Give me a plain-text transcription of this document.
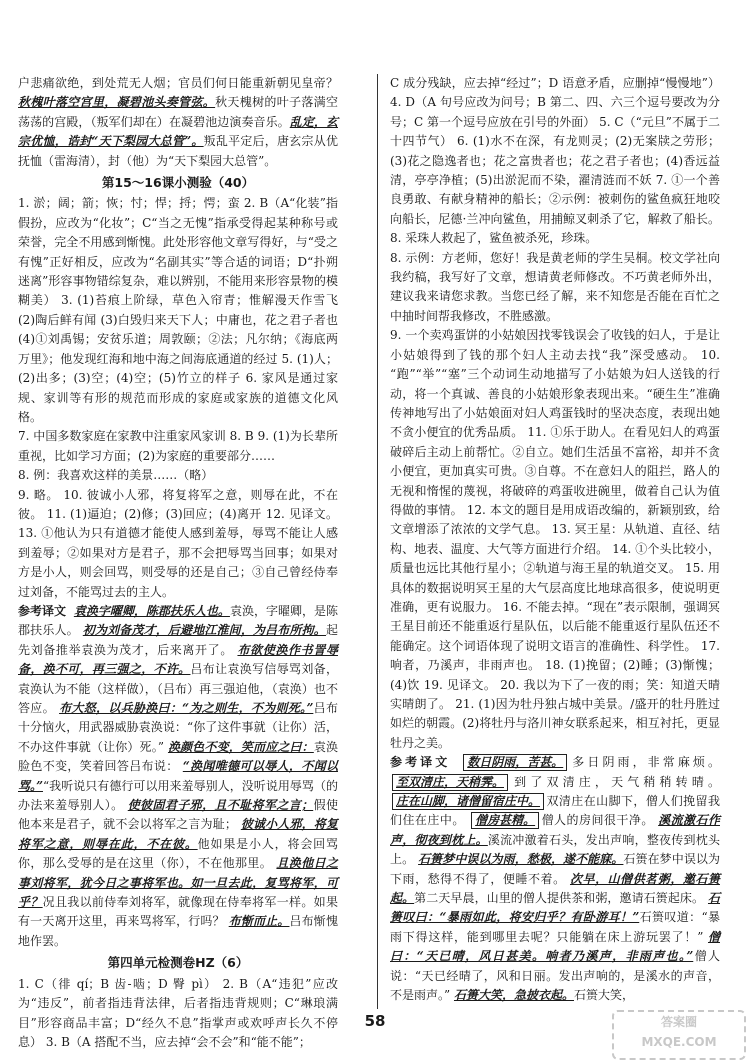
户悲痛欲绝，到处荒无人烟；官员们何日能重新朝见皇帝？秋槐叶落空宫里，凝碧池头奏管弦。秋天槐树的叶子落满空荡荡的宫殿，（叛军们却在）在凝碧池边演奏音乐。乱定，玄宗优恤，诰封“天下梨园大总管”。叛乱平定后，唐玄宗从优抚恤（雷海清），封（他）为“天下梨园大总管”。

第15～16课小测验（40）

1. 淤；阔；箭；恢；忖；悍；捋；愕；蛮 2. B（A“化装”指假扮，应改为“化妆”；C“当之无愧”指承受得起某种称号或荣誉，完全不用感到惭愧。此处形容他文章写得好，与“受之有愧”正好相反，应改为“名副其实”等合适的词语；D“扑朔迷离”形容事物错综复杂，难以辨别，不能用来形容景物的模糊美） 3. (1)苔痕上阶绿，草色入帘青；惟解漫天作雪飞 (2)陶后鲜有闻 (3)白毁归来天下人；中庸也，花之君子者也 (4)①刘禹锡；安贫乐道；周敦颐；②法；凡尔纳；《海底两万里》；他发现红海和地中海之间海底通道的经过 5. (1)人；(2)出多；(3)空；(4)空；(5)竹立的样子 6. 家风是通过家规、家训等有形的规范而形成的家庭或家族的道德文化风格。

7. 中国多数家庭在家教中注重家风家训 8. B 9. (1)为长辈所重视，比如学习方面；(2)为家庭的重要部分……

8. 例：我喜欢这样的美景……（略）

9. 略。 10. 彼诚小人邪，将复将军之意，则辱在此，不在彼。 11. (1)逼迫；(2)修；(3)回应；(4)离开 12. 见译文。 13. ①他认为只有道德才能使人感到羞辱，辱骂不能让人感到羞辱；②如果对方是君子，那不会把辱骂当回事；如果对方是小人，则会回骂，则受辱的还是自己；③自己曾经侍奉过刘备，不能骂过去的主人。

参考译文 袁涣字曜卿，陈郡扶乐人也。袁涣，字曜卿，是陈郡扶乐人。 初为刘备茂才，后避地江淮间，为吕布所拘。起先刘备推举袁涣为茂才，后来离开了。 布欲使涣作书詈辱备，涣不可，再三强之，不许。吕布让袁涣写信辱骂刘备，袁涣认为不能（这样做），（吕布）再三强迫他，（袁涣）也不答应。 布大怒，以兵胁涣曰：“为之则生，不为则死。”吕布十分恼火，用武器威胁袁涣说：“你了这件事就（让你）活，不办这件事就（让你）死。” 涣颜色不变，笑而应之曰：袁涣脸色不变，笑着回答吕布说： “涣闻唯德可以辱人，不闻以骂。”“我听说只有德行可以用来羞辱别人，没听说用辱骂（的办法来羞辱别人）。 使彼固君子邪，且不耻将军之言；假使他本来是君子，就不会以将军之言为耻； 彼诚小人邪，将复将军之意，则辱在此，不在彼。他如果是小人，将会回骂你，那么受辱的是在这里（你），不在他那里。 且涣他日之事刘将军，犹今日之事将军也。如一旦去此，复骂将军，可乎？况且我以前侍奉刘将军，就像现在侍奉将军一样。如果有一天离开这里，再来骂将军，行吗？ 布惭而止。吕布惭愧地作罢。

第四单元检测卷HZ（6）

1. C（徘 qí；B 齿-啮；D 臀 pì） 2. B（A“违犯”应改为“违反”，前者指违背法律，后者指违背规则；C“琳琅满目”形容商品丰富；D“经久不息”指掌声或欢呼声长久不停息） 3. B（A 搭配不当，应去掉“会不会”和“能不能”；

C 成分残缺，应去掉“经过”；D 语意矛盾，应删掉“慢慢地”） 4. D（A 句号应改为问号；B 第二、四、六三个逗号要改为分号；C 第一个逗号应放在引号的外面） 5. C（“元旦”不属于二十四节气） 6. (1)水不在深，有龙则灵；(2)无案牍之劳形；(3)花之隐逸者也；花之富贵者也；花之君子者也；(4)香远益清，亭亭净植；(5)出淤泥而不染，濯清涟而不妖 7. ①一个善良勇敢、有献身精神的船长；②示例：被刺伤的鲨鱼疯狂地咬向船长，尼德·兰冲向鲨鱼，用捕鲸叉刺杀了它，解救了船长。 8. 采珠人救起了，鲨鱼被杀死，珍珠。

8. 示例：方老师，您好！我是黄老师的学生吴桐。校文学社向我约稿，我写好了文章，想请黄老师修改。不巧黄老师外出，建议我来请您求教。当您已经了解，来不知您是否能在百忙之中抽时间帮我修改，不胜感激。

9. 一个卖鸡蛋饼的小姑娘因找零钱误会了收钱的妇人，于是让小姑娘得到了钱的那个妇人主动去找“我”深受感动。 10. “跑”“举”“塞”三个动词生动地描写了小姑娘为妇人送钱的行动，将一个真诚、善良的小姑娘形象表现出来。“硬生生”准确传神地写出了小姑娘面对妇人鸡蛋钱时的坚决态度，表现出她不贪小便宜的优秀品质。 11. ①乐于助人。在看见妇人的鸡蛋破碎后主动上前帮忙。②自立。她们生活虽不富裕，却并不贪小便宜，更加真实可贵。③自尊。不在意妇人的阻拦，路人的无视和惰惺的蔑视，将破碎的鸡蛋收进碗里，做着自己认为值得做的事情。 12. 本文的题目是用成语改编的，新颖别致，给文章增添了浓浓的文学气息。 13. 冥王星：从轨道、直径、结构、地表、温度、大气等方面进行介绍。 14. ①个头比较小，质量也远比其他行星小；②轨道与海王星的轨道交叉。 15. 用具体的数据说明冥王星的大气层高度比地球高很多，使说明更准确，更有说服力。 16. 不能去掉。“现在”表示限制，强调冥王星目前还不能重返行星队伍，以后能不能重返行星队伍还不能确定。这个词语体现了说明文语言的准确性、科学性。 17. 响者，乃溪声，非雨声也。 18. (1)挽留；(2)睡；(3)惭愧；(4)饮 19. 见译文。 20. 我以为下了一夜的雨；笑：知道天晴实晴朗了。 21. (1)因为牡丹独占城中美景。/盛开的牡丹胜过如烂的朝霞。(2)将牡丹与洛川神女联系起来，相互衬托，更显牡丹之美。

参考译文 数日阴雨，苦甚。 多日阴雨，非常麻烦。 至双清庄，天稍霁。 到了双清庄，天气稍稍转晴。 庄在山脚，诸僧留宿庄中。 双清庄在山脚下，僧人们挽留我们住在庄中。 僧房甚精。 僧人的房间很干净。 溪流激石作声，彻夜到枕上。溪流冲激着石头，发出声响，整夜传到枕头上。 石篑梦中误以为雨，愁极，遂不能寐。石篑在梦中误以为下雨，愁得不得了，便睡不着。 次早，山僧供茗粥，邀石篑起。第二天早晨，山里的僧人提供茶和粥，邀请石篑起床。 石篑叹曰：“暴雨如此，将安归乎？有卧游耳！”石篑叹道：“暴雨下得这样，能到哪里去呢？只能躺在床上游玩罢了！” 僧曰：“天已晴，风日甚美。响者乃溪声，非雨声也。”僧人说：“天已经晴了，风和日丽。发出声响的，是溪水的声音，不是雨声。” 石篑大笑，急披衣起。石篑大笑，

58	答案圈
MXQE.COM
